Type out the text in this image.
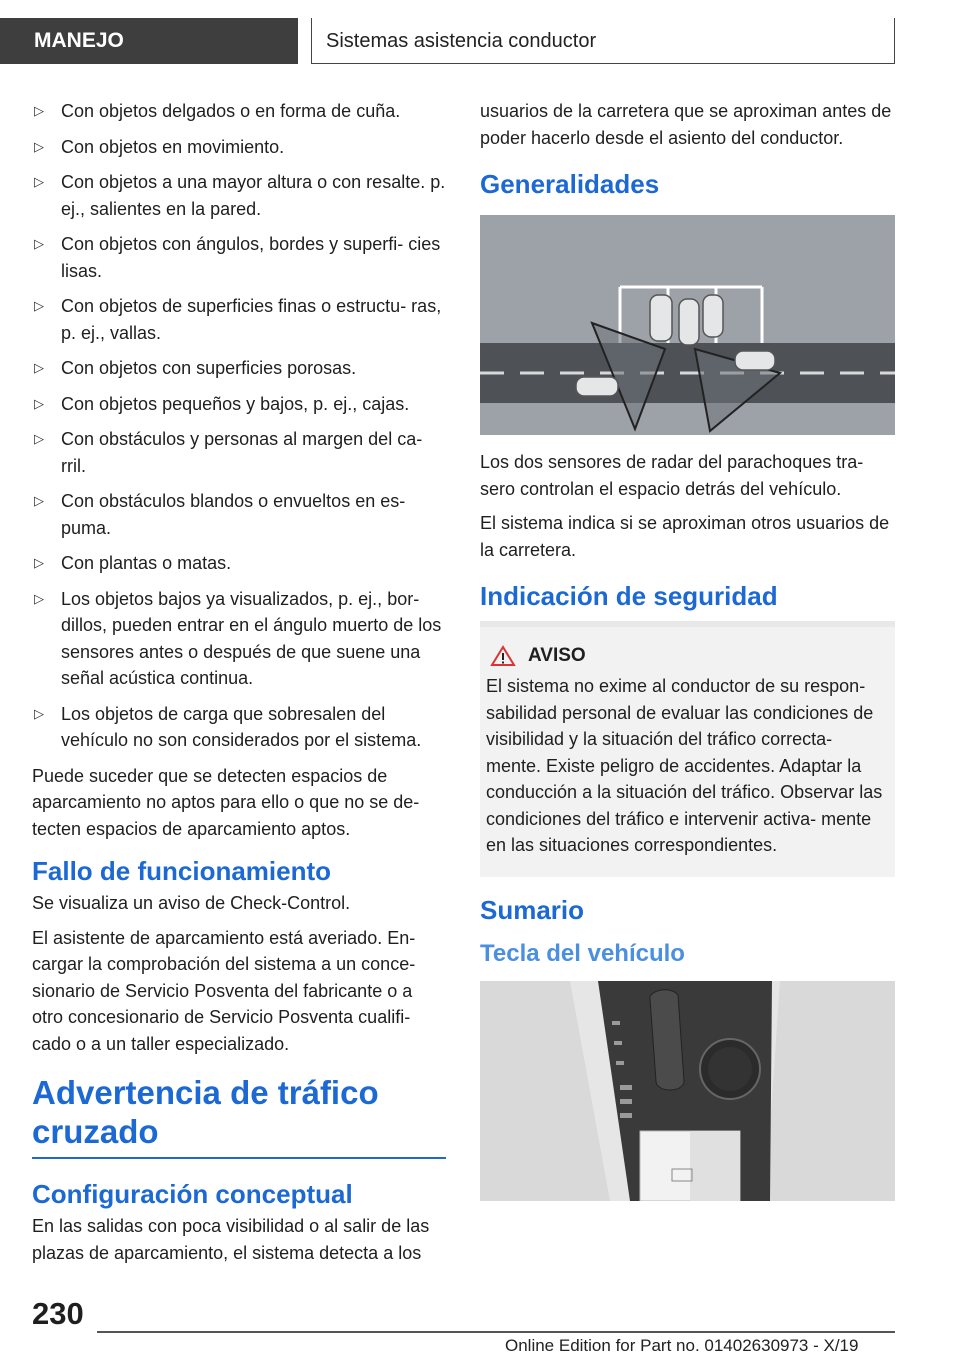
MANEJO	Sistemas asistencia conductor
▷ Con objetos delgados o en forma de cuña.
▷ Con objetos en movimiento.
▷ Con objetos a una mayor altura o con resalte. p. ej., salientes en la pared.
▷ Con objetos con ángulos, bordes y superfi‐ cies lisas.
▷ Con objetos de superficies finas o estructu‐ ras, p. ej., vallas.
▷ Con objetos con superficies porosas.
▷ Con objetos pequeños y bajos, p. ej., cajas.
▷ Con obstáculos y personas al margen del ca‐ rril.
▷ Con obstáculos blandos o envueltos en es‐ puma.
▷ Con plantas o matas.
▷ Los objetos bajos ya visualizados, p. ej., bor‐ dillos, pueden entrar en el ángulo muerto de los sensores antes o después de que suene una señal acústica continua.
▷ Los objetos de carga que sobresalen del vehículo no son considerados por el sistema.

Puede suceder que se detecten espacios de aparcamiento no aptos para ello o que no se de‐ tecten espacios de aparcamiento aptos.

Fallo de funcionamiento

Se visualiza un aviso de Check-Control.

El asistente de aparcamiento está averiado. En‐ cargar la comprobación del sistema a un conce‐ sionario de Servicio Posventa del fabricante o a otro concesionario de Servicio Posventa cualifi‐ cado o a un taller especializado.

Advertencia de tráfico cruzado
Configuración conceptual

En las salidas con poca visibilidad o al salir de las plazas de aparcamiento, el sistema detecta a los

usuarios de la carretera que se aproximan antes de poder hacerlo desde el asiento del conductor.

Generalidades

Los dos sensores de radar del parachoques tra‐ sero controlan el espacio detrás del vehículo.

El sistema indica si se aproximan otros usuarios de la carretera.

Indicación de seguridad
AVISO

El sistema no exime al conductor de su respon‐ sabilidad personal de evaluar las condiciones de visibilidad y la situación del tráfico correcta‐ mente. Existe peligro de accidentes. Adaptar la conducción a la situación del tráfico. Observar las condiciones del tráfico e intervenir activa‐ mente en las situaciones correspondientes.

Sumario
Tecla del vehículo
230
Online Edition for Part no. 01402630973 - X/19
